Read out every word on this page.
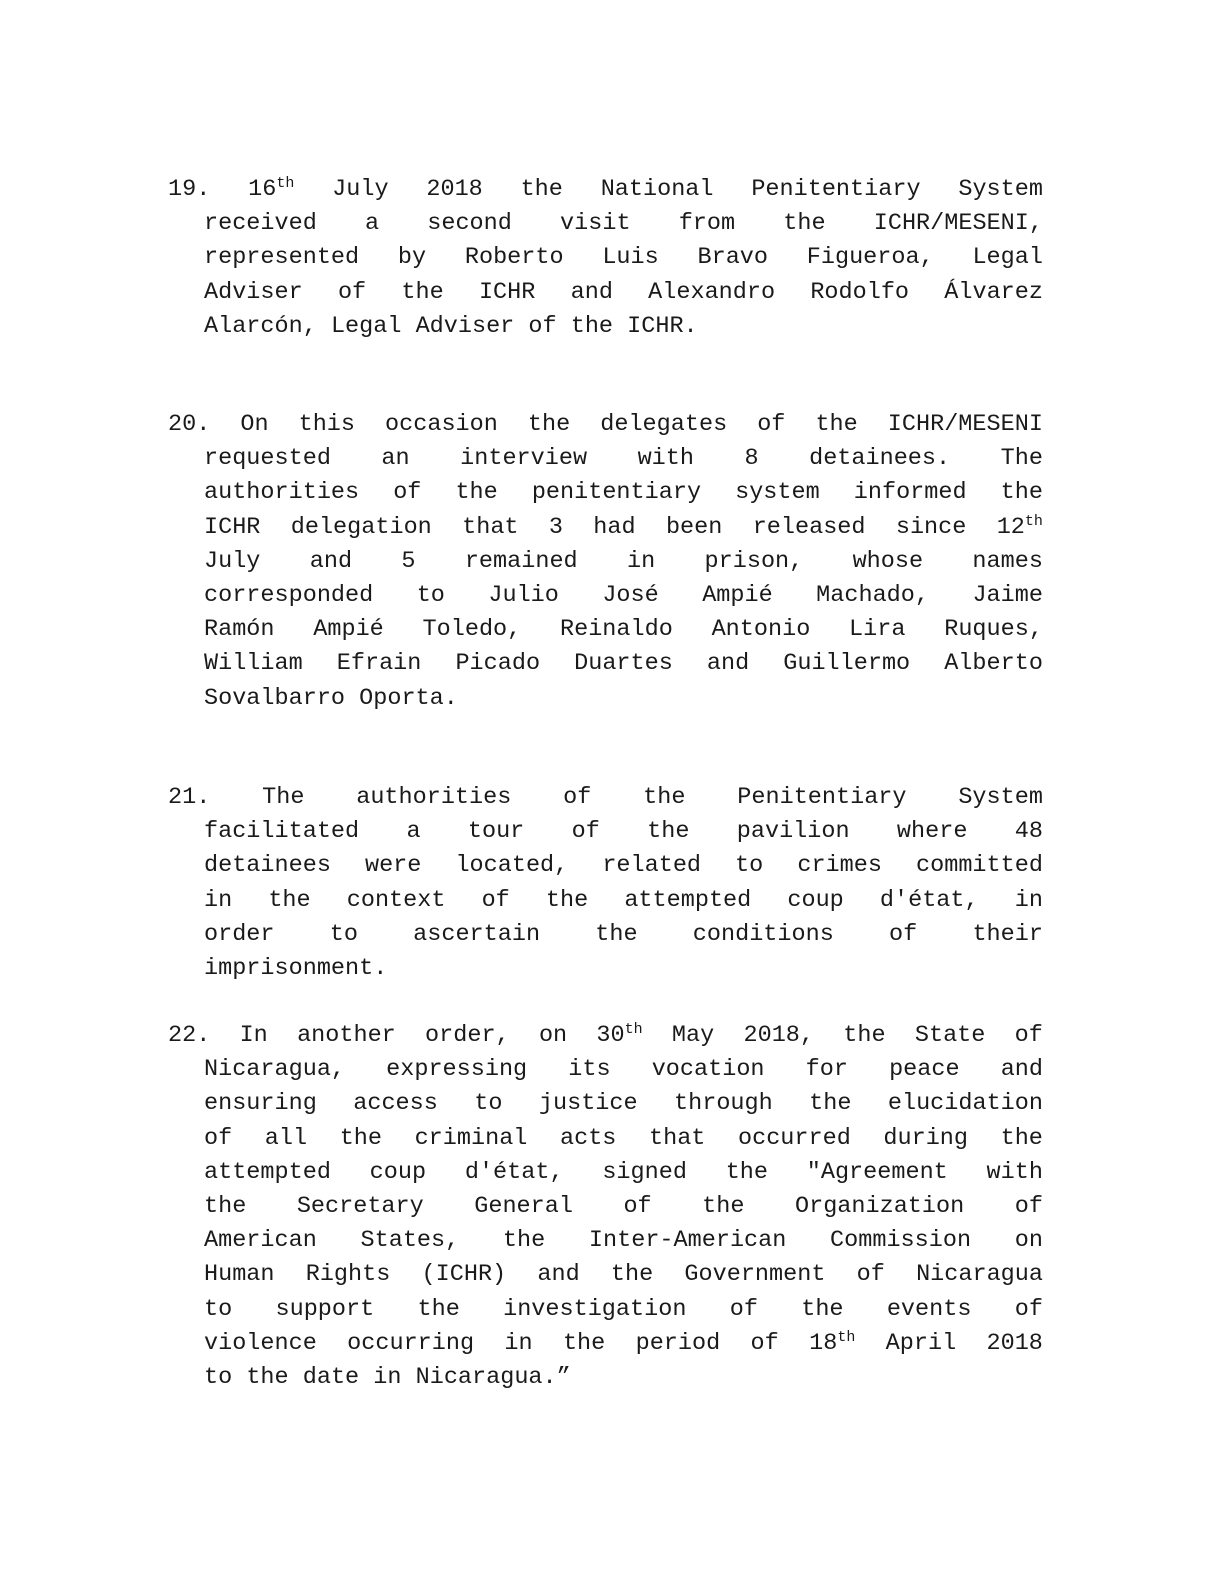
19. 16th July 2018 the National Penitentiary System
received a second visit from the ICHR/MESENI,
represented by Roberto Luis Bravo Figueroa, Legal
Adviser of the ICHR and Alexandro Rodolfo Álvarez
Alarcón, Legal Adviser of the ICHR.
20. On this occasion the delegates of the ICHR/MESENI
requested an interview with 8 detainees. The
authorities of the penitentiary system informed the
ICHR delegation that 3 had been released since 12th
July and 5 remained in prison, whose names
corresponded to Julio José Ampié Machado, Jaime
Ramón Ampié Toledo, Reinaldo Antonio Lira Ruques,
William Efrain Picado Duartes and Guillermo Alberto
Sovalbarro Oporta.
21. The authorities of the Penitentiary System
facilitated a tour of the pavilion where 48
detainees were located, related to crimes committed
in the context of the attempted coup d'état, in
order to ascertain the conditions of their
imprisonment.
22. In another order, on 30th May 2018, the State of
Nicaragua, expressing its vocation for peace and
ensuring access to justice through the elucidation
of all the criminal acts that occurred during the
attempted coup d'état, signed the "Agreement with
the Secretary General of the Organization of
American States, the Inter-American Commission on
Human Rights (ICHR) and the Government of Nicaragua
to support the investigation of the events of
violence occurring in the period of 18th April 2018
to the date in Nicaragua.”
